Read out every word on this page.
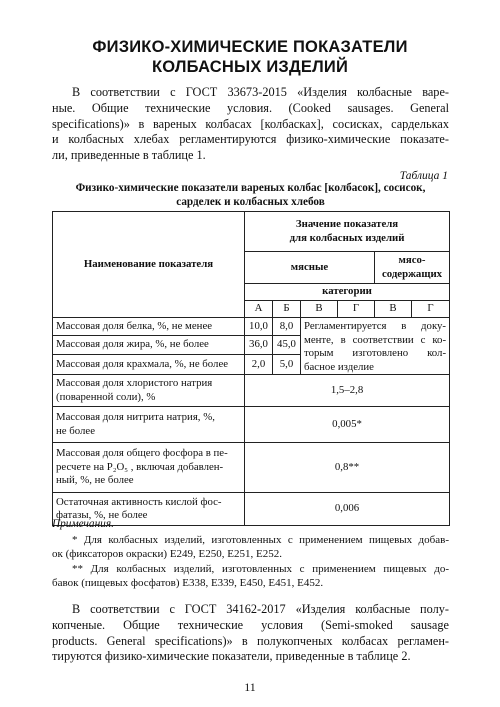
ФИЗИКО-ХИМИЧЕСКИЕ ПОКАЗАТЕЛИ
КОЛБАСНЫХ ИЗДЕЛИЙ
В соответствии с ГОСТ 33673-2015 «Изделия колбасные варе-
ные. Общие технические условия. (Cooked sausages. General
specifications)» в вареных колбасах [колбасках], сосисках, сардельках
и колбасных хлебах регламентируются физико-химические показате-
ли, приведенные в таблице 1.
Таблица 1
Физико-химические показатели вареных колбас [колбасок], сосисок,
сарделек и колбасных хлебов
Наименование показателя	Значение показателя
для колбасных изделий					

	мясные				мясо-
содержащих	

	категории					
	А	Б	В	Г	В	Г
Массовая доля белка, %, не менее	10,0	8,0	Регламентируется в доку-
менте, в соответствии с ко-
торым изготовлено кол-
басное изделие			

Массовая доля жира, %, не более	36,0	45,0				
Массовая доля крахмала, %, не более	2,0	5,0				

Массовая доля хлористого натрия
(поваренной соли), %	1,5–2,8					

Массовая доля нитрита натрия, %,
не более	0,005*					

Массовая доля общего фосфора в пе-
ресчете на P₂O₅ , включая добавлен-
ный, %, не более	0,8**					

Остаточная активность кислой фос-
фатазы, %, не более	0,006					
Примечания.
* Для колбасных изделий, изготовленных с применением пищевых добав-
ок (фиксаторов окраски) Е249, Е250, Е251, Е252.
** Для колбасных изделий, изготовленных с применением пищевых до-
бавок (пищевых фосфатов) Е338, Е339, Е450, Е451, Е452.
В соответствии с ГОСТ 34162-2017 «Изделия колбасные полу-
копченые. Общие технические условия (Semi-smoked sausage
products. General specifications)» в полукопченых колбасах регламен-
тируются физико-химические показатели, приведенные в таблице 2.
11
